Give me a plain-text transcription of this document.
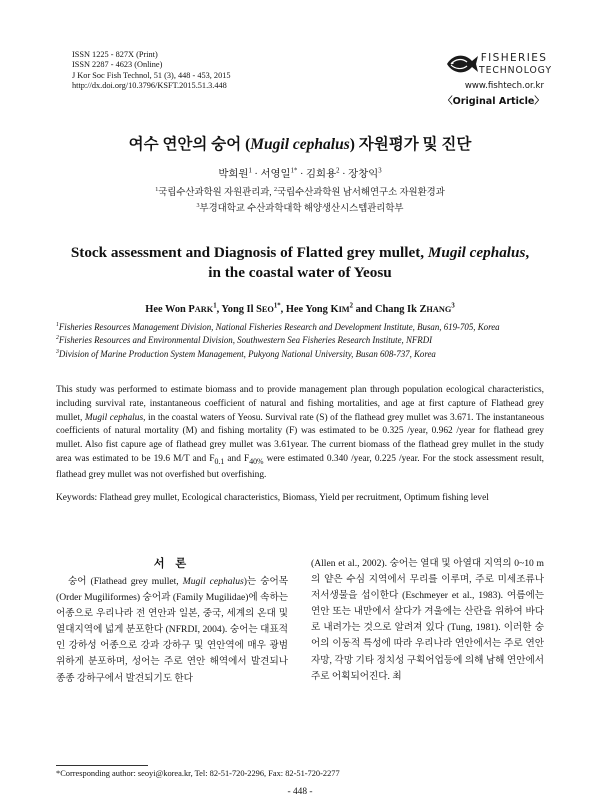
ISSN 1225 - 827X (Print)
ISSN 2287 - 4623 (Online)
J Kor Soc Fish Technol, 51 (3), 448 - 453, 2015
http://dx.doi.org/10.3796/KSFT.2015.51.3.448
FISHERIES
TECHNOLOGY
www.fishtech.or.kr
〈Original Article〉
여수 연안의 숭어 (Mugil cephalus) 자원평가 및 진단
박희원$^1$ · 서영일$^{1*}$ · 김희용$^2$ · 장창익$^3$
$^1$국립수산과학원 자원관리과, $^2$국립수산과학원 남서해연구소 자원환경과
$^3$부경대학교 수산과학대학 해양생산시스템관리학부
Stock assessment and Diagnosis of Flatted grey mullet, Mugil cephalus,
in the coastal water of Yeosu
Hee Won PARK$^1$, Yong Il $SEO^{1*}$, Hee Yong KIM$^2$ and Chang Ik ZHANG$^3$
$^1$Fisheries Resources Management Division, National Fisheries Research and Development Institute, Busan, 619-705, Korea
$^2$Fisheries Resources and Environmental Division, Southwestern Sea Fisheries Research Institute, NFRDI
$^3$Division of Marine Production System Management, Pukyong National University, Busan 608-737, Korea
This study was performed to estimate biomass and to provide management plan through population ecological characteristics, including survival rate, instantaneous coefficient of natural and fishing mortalities, and age at first capture of Flathead grey mullet, Mugil cephalus, in the coastal waters of Yeosu. Survival rate (S) of the flathead grey mullet was 3.671. The instantaneous coefficients of natural mortality (M) and fishing mortality (F) was estimated to be 0.325 /year, 0.962 /year for flathead grey mullet. Also fist capure age of flathead grey mullet was 3.61year. The current biomass of the flathead grey mullet in the study area was estimated to be 19.6 M/T and $F_{0.1}$ and $F_{40\%}$ were estimated 0.340 /year, 0.225 /year. For the stock assessment result, flathead grey mullet was not overfished but overfishing.
Keywords: Flathead grey mullet, Ecological characteristics, Biomass, Yield per recruitment, Optimum fishing level
서 론
숭어 (Flathead grey mullet, Mugil cephalus)는 숭어목 (Order Mugiliformes) 숭어과 (Family Mugilidae)에 속하는 어종으로 우리나라 전 연안과 일본, 중국, 세계의 온대 및 열대지역에 넓게 분포한다 (NFRDI, 2004). 숭어는 대표적인 강하성 어종으로 강과 강하구 및 연안역에 매우 광범위하게 분포하며, 성어는 주로 연안 해역에서 발견되나 종종 강하구에서 발견되기도 한다
(Allen et al., 2002). 숭어는 열대 및 아열대 지역의 0~10 m의 얕은 수심 지역에서 무리를 이루며, 주로 미세조류나 저서생물을 섭이한다 (Eschmeyer et al., 1983). 여름에는 연안 또는 내만에서 살다가 겨울에는 산란을 위하여 바다로 내려가는 것으로 알려져 있다 (Tung, 1981). 이러한 숭어의 이동적 특성에 따라 우리나라 연안에서는 주로 연안 자망, 각망 기타 정치성 구획어업등에 의해 남해 연안에서 주로 어획되어진다. 최
*Corresponding author: seoyi@korea.kr, Tel: 82-51-720-2296, Fax: 82-51-720-2277
- 448 -
